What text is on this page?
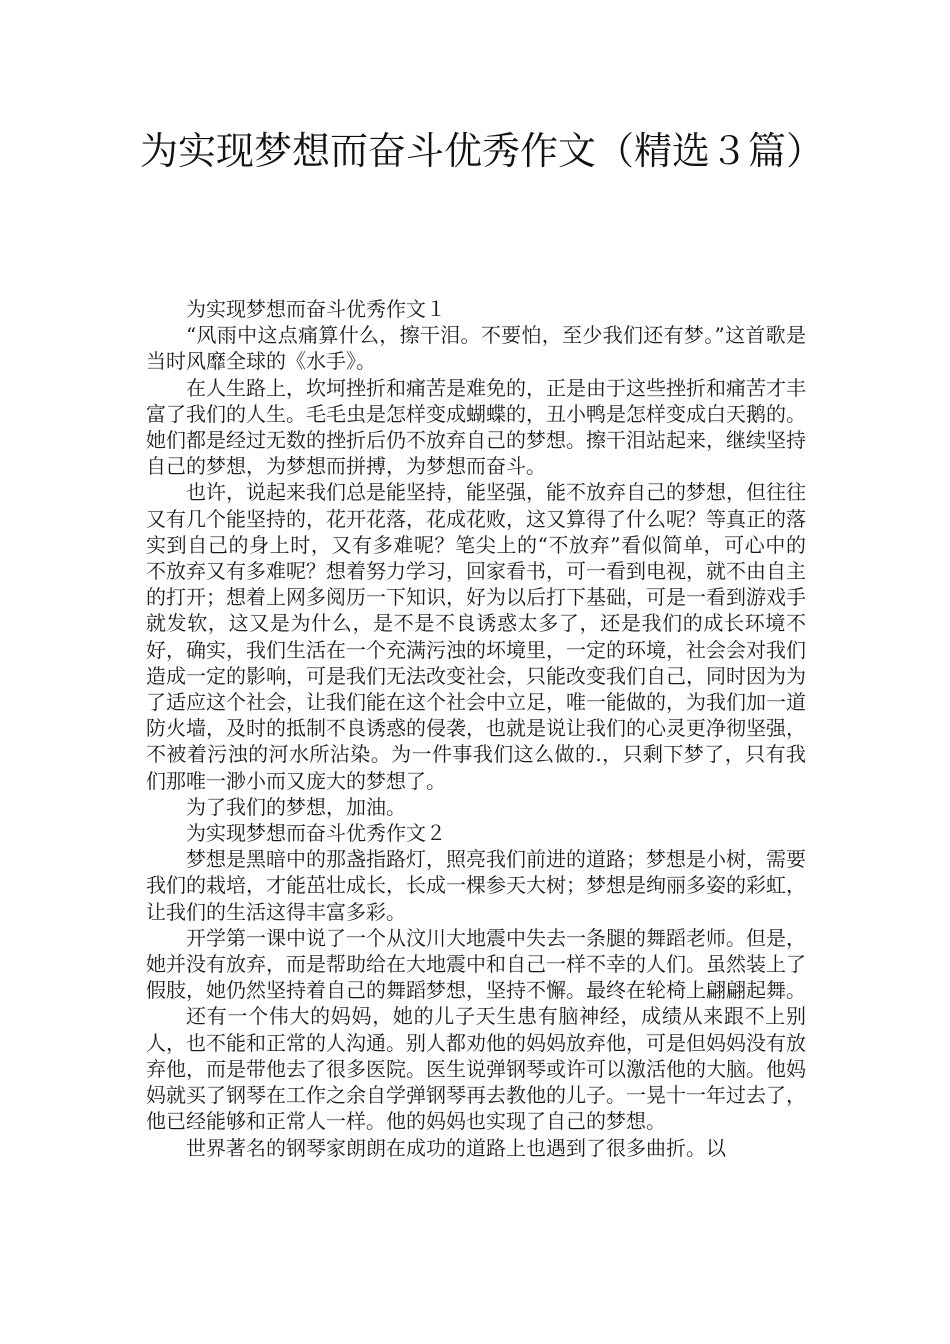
为实现梦想而奋斗优秀作文（精选３篇）

为实现梦想而奋斗优秀作文１

“风雨中这点痛算什么，擦干泪。不要怕，至少我们还有梦。”这首歌是当时风靡全球的《水手》。

在人生路上，坎坷挫折和痛苦是难免的，正是由于这些挫折和痛苦才丰富了我们的人生。毛毛虫是怎样变成蝴蝶的，丑小鸭是怎样变成白天鹅的。她们都是经过无数的挫折后仍不放弃自己的梦想。擦干泪站起来，继续坚持自己的梦想，为梦想而拼搏，为梦想而奋斗。

也许，说起来我们总是能坚持，能坚强，能不放弃自己的梦想，但往往又有几个能坚持的，花开花落，花成花败，这又算得了什么呢？等真正的落实到自己的身上时，又有多难呢？笔尖上的“不放弃”看似简单，可心中的不放弃又有多难呢？想着努力学习，回家看书，可一看到电视，就不由自主的打开；想着上网多阅历一下知识，好为以后打下基础，可是一看到游戏手就发软，这又是为什么，是不是不良诱惑太多了，还是我们的成长环境不好，确实，我们生活在一个充满污浊的坏境里，一定的环境，社会会对我们造成一定的影响，可是我们无法改变社会，只能改变我们自己，同时因为为了适应这个社会，让我们能在这个社会中立足，唯一能做的，为我们加一道防火墙，及时的抵制不良诱惑的侵袭，也就是说让我们的心灵更净彻坚强，不被着污浊的河水所沾染。为一件事我们这么做的.，只剩下梦了，只有我们那唯一渺小而又庞大的梦想了。

为了我们的梦想，加油。

为实现梦想而奋斗优秀作文２

梦想是黑暗中的那盏指路灯，照亮我们前进的道路；梦想是小树，需要我们的栽培，才能茁壮成长，长成一棵参天大树；梦想是绚丽多姿的彩虹，让我们的生活这得丰富多彩。

开学第一课中说了一个从汶川大地震中失去一条腿的舞蹈老师。但是，她并没有放弃，而是帮助给在大地震中和自己一样不幸的人们。虽然装上了假肢，她仍然坚持着自己的舞蹈梦想，坚持不懈。最终在轮椅上翩翩起舞。

还有一个伟大的妈妈，她的儿子天生患有脑神经，成绩从来跟不上别人，也不能和正常的人沟通。别人都劝他的妈妈放弃他，可是但妈妈没有放弃他，而是带他去了很多医院。医生说弹钢琴或许可以激活他的大脑。他妈妈就买了钢琴在工作之余自学弹钢琴再去教他的儿子。一晃十一年过去了，他已经能够和正常人一样。他的妈妈也实现了自己的梦想。

世界著名的钢琴家朗朗在成功的道路上也遇到了很多曲折。以
